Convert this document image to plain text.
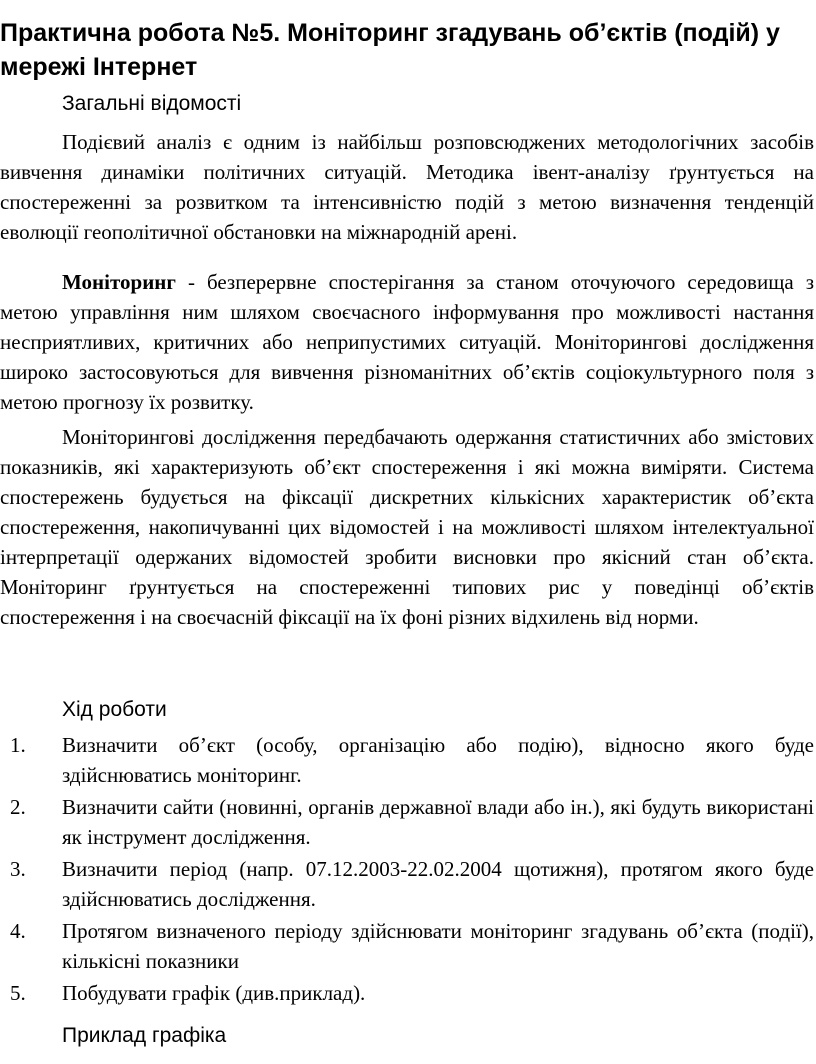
Практична робота №5. Моніторинг згадувань об’єктів (подій) у мережі Інтернет
Загальні відомості

Подієвий аналіз є одним із найбільш розповсюджених методологічних засобів вивчення динаміки політичних ситуацій. Методика івент-аналізу ґрунтується на спостереженні за розвитком та інтенсивністю подій з метою визначення тенденцій еволюції геополітичної обстановки на міжнародній арені.

Моніторинг - безперервне спостерігання за станом оточуючого середовища з метою управління ним шляхом своєчасного інформування про можливості настання несприятливих, критичних або неприпустимих ситуацій. Моніторингові дослідження широко застосовуються для вивчення різноманітних об’єктів соціокультурного поля з метою прогнозу їх розвитку.

Моніторингові дослідження передбачають одержання статистичних або змістових показників, які характеризують об’єкт спостереження і які можна виміряти. Система спостережень будується на фіксації дискретних кількісних характеристик об’єкта спостереження, накопичуванні цих відомостей і на можливості шляхом інтелектуальної інтерпретації одержаних відомостей зробити висновки про якісний стан об’єкта. Моніторинг ґрунтується на спостереженні типових рис у поведінці об’єктів спостереження і на своєчасній фіксації на їх фоні різних відхилень від норми.

Хід роботи
1. Визначити об’єкт (особу, організацію або подію), відносно якого буде здійснюватись моніторинг.
2. Визначити сайти (новинні, органів державної влади або ін.), які будуть використані як інструмент дослідження.
3. Визначити період (напр. 07.12.2003-22.02.2004 щотижня), протягом якого буде здійснюватись дослідження.
4. Протягом визначеного періоду здійснювати моніторинг згадувань об’єкта (події), кількісні показники
5. Побудувати графік (див.приклад).
Приклад графіка
